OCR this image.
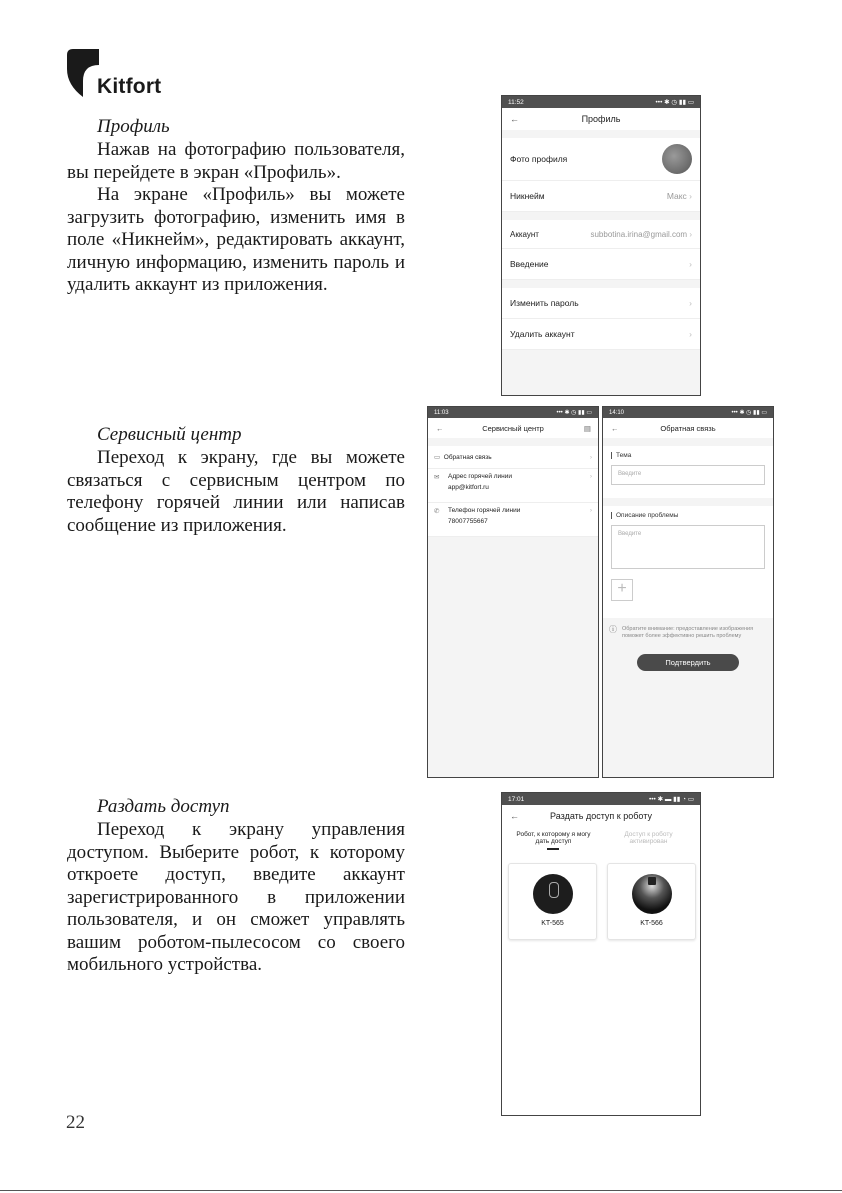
Kitfort
Профиль

Нажав на фотографию пользователя, вы перейдете в экран «Профиль».

На экране «Профиль» вы можете загрузить фотографию, изменить имя в поле «Никнейм», редактировать аккаунт, личную информацию, изменить пароль и удалить аккаунт из приложения.

Сервисный центр

Переход к экрану, где вы можете связаться с сервисным центром по телефону горячей линии или написав сообщение из приложения.

Раздать доступ

Переход к экрану управления доступом. Выберите робот, к которому откроете доступ, введите аккаунт зарегистрированного в приложении пользователя, и он сможет управлять вашим роботом-пылесосом со своего мобильного устройства.

22
11:52	••• ✱ ◷ ▮▮ ▭
←	Профиль
Фото профиля
Никнейм	Макс ›
Аккаунт	subbotina.irina@gmail.com ›
Введение	›
Изменить пароль	›
Удалить аккаунт	›
11:03	••• ✱ ◷ ▮▮ ▭
←	Сервисный центр	▤
▭ Обратная связь	›
✉	Адрес горячей линии
app@kitfort.ru
›
✆	Телефон горячей линии
78007755667
›
14:10	••• ✱ ◷ ▮▮ ▭
←	Обратная связь
Тема
Введите
Описание проблемы
Введите
+
ⓘ Обратите внимание: предоставление изображения поможет более эффективно решить проблему
Подтвердить
17:01	••• ✱ ▬ ▮▮ ◔ ▭
←	Раздать доступ к роботу
Робот, к которому я могу дать доступ
Доступ к роботу активирован
KT-565	KT-566
